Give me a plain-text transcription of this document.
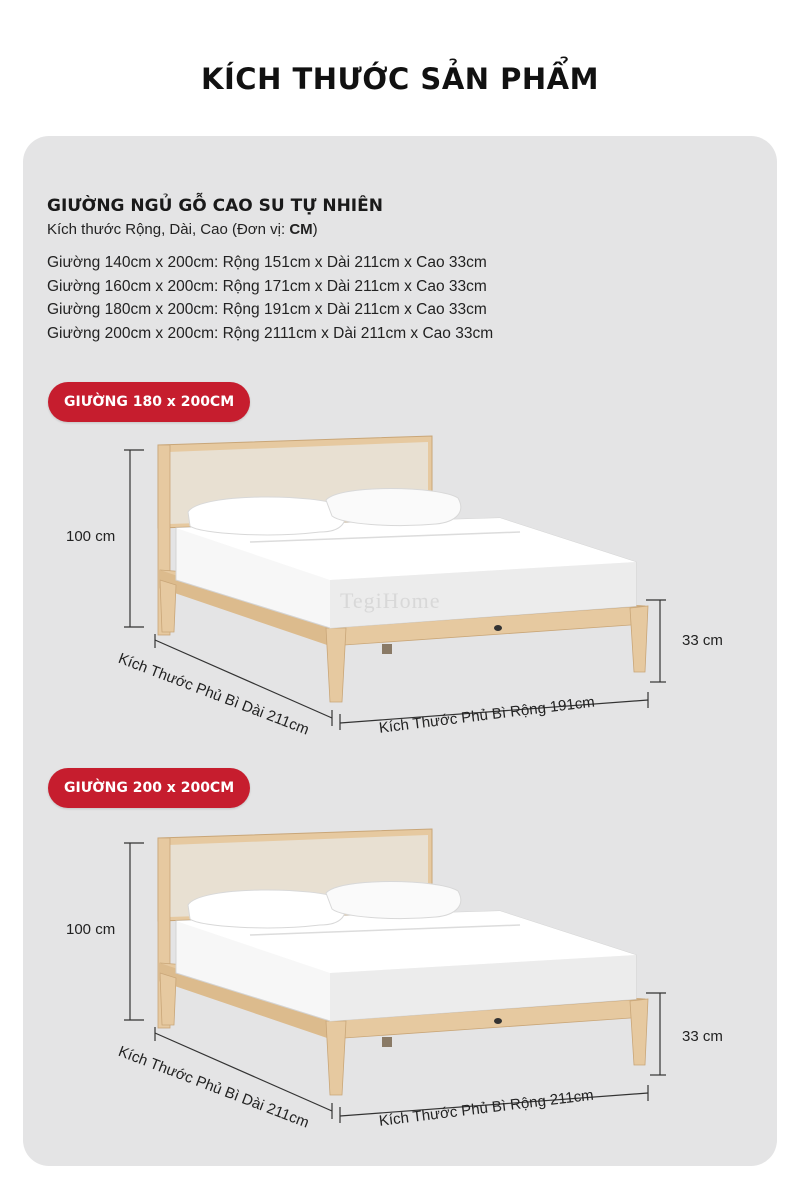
KÍCH THƯỚC SẢN PHẨM
GIƯỜNG NGỦ GỖ CAO SU TỰ NHIÊN
Kích thước Rộng, Dài, Cao (Đơn vị: CM)
Giường 140cm x 200cm: Rộng 151cm x Dài 211cm x Cao 33cm
Giường 160cm x 200cm: Rộng 171cm x Dài 211cm x Cao 33cm
Giường 180cm x 200cm: Rộng 191cm x Dài 211cm x Cao 33cm
Giường 200cm x 200cm: Rộng 2111cm x Dài 211cm x Cao 33cm
GIƯỜNG 180 x 200CM
100 cm
33 cm
Kích Thước Phủ Bì Dài 211cm	Kích Thước Phủ Bì Rộng 191cm
TegiHome
GIƯỜNG 200 x 200CM
100 cm
33 cm
Kích Thước Phủ Bì Dài 211cm	Kích Thước Phủ Bì Rộng 211cm
